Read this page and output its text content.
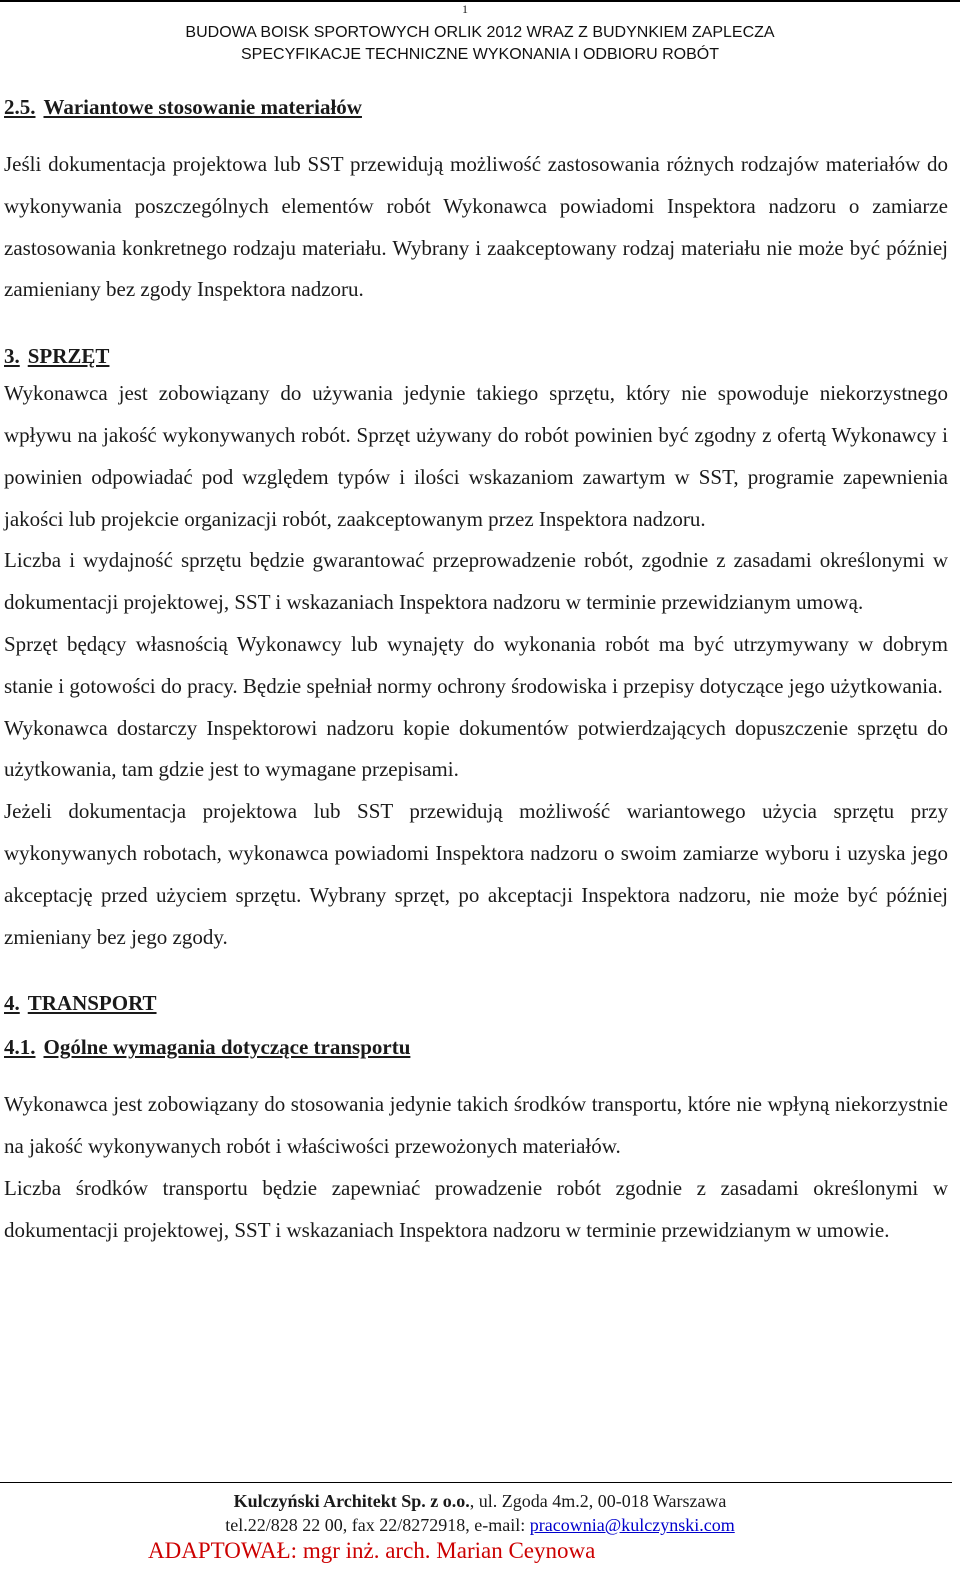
1
BUDOWA BOISK SPORTOWYCH ORLIK 2012 WRAZ Z BUDYNKIEM ZAPLECZA
SPECYFIKACJE TECHNICZNE WYKONANIA I ODBIORU ROBÓT
2.5. Wariantowe stosowanie materiałów

Jeśli dokumentacja projektowa lub SST przewidują możliwość zastosowania różnych rodzajów materiałów do wykonywania poszczególnych elementów robót Wykonawca powiadomi Inspektora nadzoru o zamiarze zastosowania konkretnego rodzaju materiału. Wybrany i zaakceptowany rodzaj materiału nie może być później zamieniany bez zgody Inspektora nadzoru.

3. SPRZĘT

Wykonawca jest zobowiązany do używania jedynie takiego sprzętu, który nie spowoduje niekorzystnego wpływu na jakość wykonywanych robót. Sprzęt używany do robót powinien być zgodny z ofertą Wykonawcy i powinien odpowiadać pod względem typów i ilości wskazaniom zawartym w SST, programie zapewnienia jakości lub projekcie organizacji robót, zaakceptowanym przez Inspektora nadzoru.

Liczba i wydajność sprzętu będzie gwarantować przeprowadzenie robót, zgodnie z zasadami określonymi w dokumentacji projektowej, SST i wskazaniach Inspektora nadzoru w terminie przewidzianym umową.

Sprzęt będący własnością Wykonawcy lub wynajęty do wykonania robót ma być utrzymywany w dobrym stanie i gotowości do pracy. Będzie spełniał normy ochrony środowiska i przepisy dotyczące jego użytkowania.

Wykonawca dostarczy Inspektorowi nadzoru kopie dokumentów potwierdzających dopuszczenie sprzętu do użytkowania, tam gdzie jest to wymagane przepisami.

Jeżeli dokumentacja projektowa lub SST przewidują możliwość wariantowego użycia sprzętu przy wykonywanych robotach, wykonawca powiadomi Inspektora nadzoru o swoim zamiarze wyboru i uzyska jego akceptację przed użyciem sprzętu. Wybrany sprzęt, po akceptacji Inspektora nadzoru, nie może być później zmieniany bez jego zgody.

4. TRANSPORT
4.1. Ogólne wymagania dotyczące transportu

Wykonawca jest zobowiązany do stosowania jedynie takich środków transportu, które nie wpłyną niekorzystnie na jakość wykonywanych robót i właściwości przewożonych materiałów.

Liczba środków transportu będzie zapewniać prowadzenie robót zgodnie z zasadami określonymi w dokumentacji projektowej, SST i wskazaniach Inspektora nadzoru w terminie przewidzianym w umowie.

Kulczyński Architekt Sp. z o.o., ul. Zgoda 4m.2, 00-018 Warszawa
tel.22/828 22 00, fax 22/8272918, e-mail: pracownia@kulczynski.com
ADAPTOWAŁ: mgr inż. arch. Marian Ceynowa
